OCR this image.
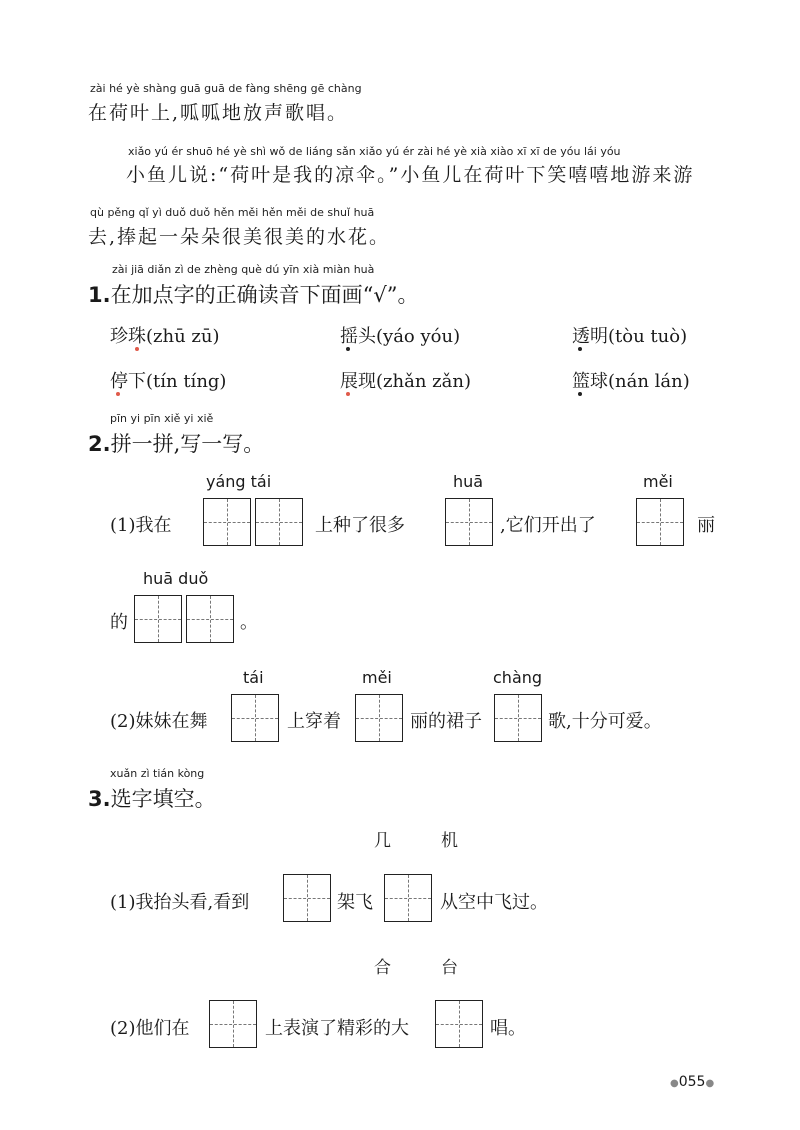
zài hé yè shàng guā guā de fàng shēng gē chàng
在荷叶上,呱呱地放声歌唱。
xiǎo yú ér shuō hé yè shì wǒ de liáng sǎn xiǎo yú ér zài hé yè xià xiào xī xī de yóu lái yóu
小鱼儿说:“荷叶是我的凉伞。”小鱼儿在荷叶下笑嘻嘻地游来游
qù pěng qǐ yì duǒ duǒ hěn měi hěn měi de shuǐ huā
去,捧起一朵朵很美很美的水花。
zài jiā diǎn zì de zhèng què dú yīn xià miàn huà
1.在加点字的正确读音下面画“√”。
珍珠(zhū zū)	摇头(yáo yóu)	透明(tòu tuò)
停下(tín tíng)	展现(zhǎn zǎn)	篮球(nán lán)
pīn yi pīn xiě yi xiě
2.拼一拼,写一写。
(1)我在
yáng tái
上种了很多
huā
,它们开出了
měi
丽
的
huā duǒ
。
(2)妹妹在舞
tái
上穿着
měi
丽的裙子
chàng
歌,十分可爱。
xuǎn zì tián kòng
3.选字填空。
几	机
(1)我抬头看,看到	架飞	从空中飞过。
合	台
(2)他们在	上表演了精彩的大	唱。
●055●
